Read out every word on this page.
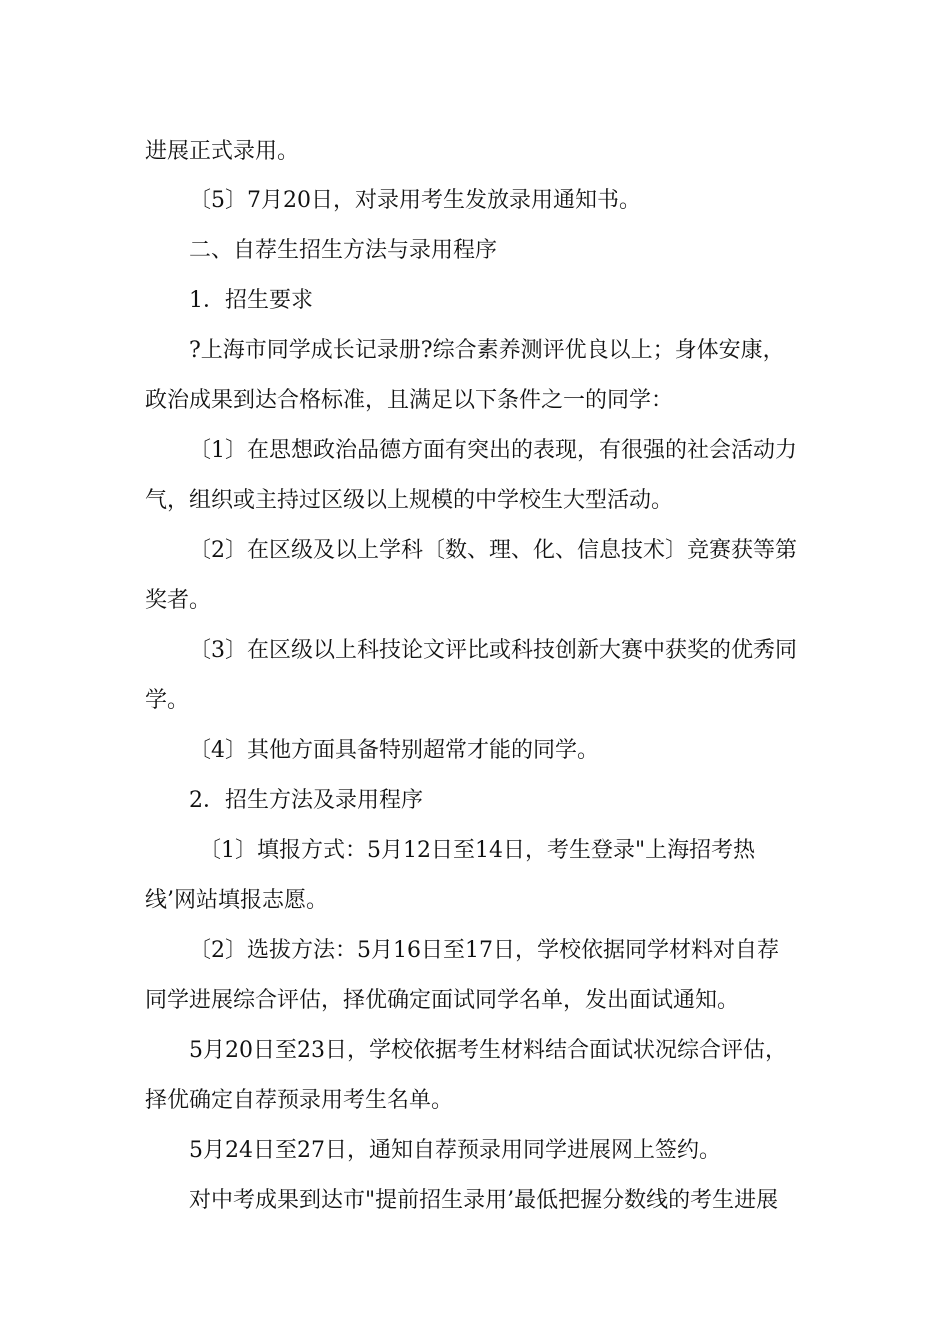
进展正式录用。
〔5〕7月20日，对录用考生发放录用通知书。
二、自荐生招生方法与录用程序
1．招生要求
?上海市同学成长记录册?综合素养测评优良以上；身体安康，
政治成果到达合格标准，且满足以下条件之一的同学：
〔1〕在思想政治品德方面有突出的表现，有很强的社会活动力
气，组织或主持过区级以上规模的中学校生大型活动。
〔2〕在区级及以上学科〔数、理、化、信息技术〕竞赛获等第
奖者。
〔3〕在区级以上科技论文评比或科技创新大赛中获奖的优秀同
学。
〔4〕其他方面具备特别超常才能的同学。
2．招生方法及录用程序
〔1〕填报方式：5月12日至14日，考生登录"上海招考热
线’网站填报志愿。
〔2〕选拔方法：5月16日至17日，学校依据同学材料对自荐
同学进展综合评估，择优确定面试同学名单，发出面试通知。
5月20日至23日，学校依据考生材料结合面试状况综合评估，
择优确定自荐预录用考生名单。
5月24日至27日，通知自荐预录用同学进展网上签约。
对中考成果到达市"提前招生录用’最低把握分数线的考生进展
